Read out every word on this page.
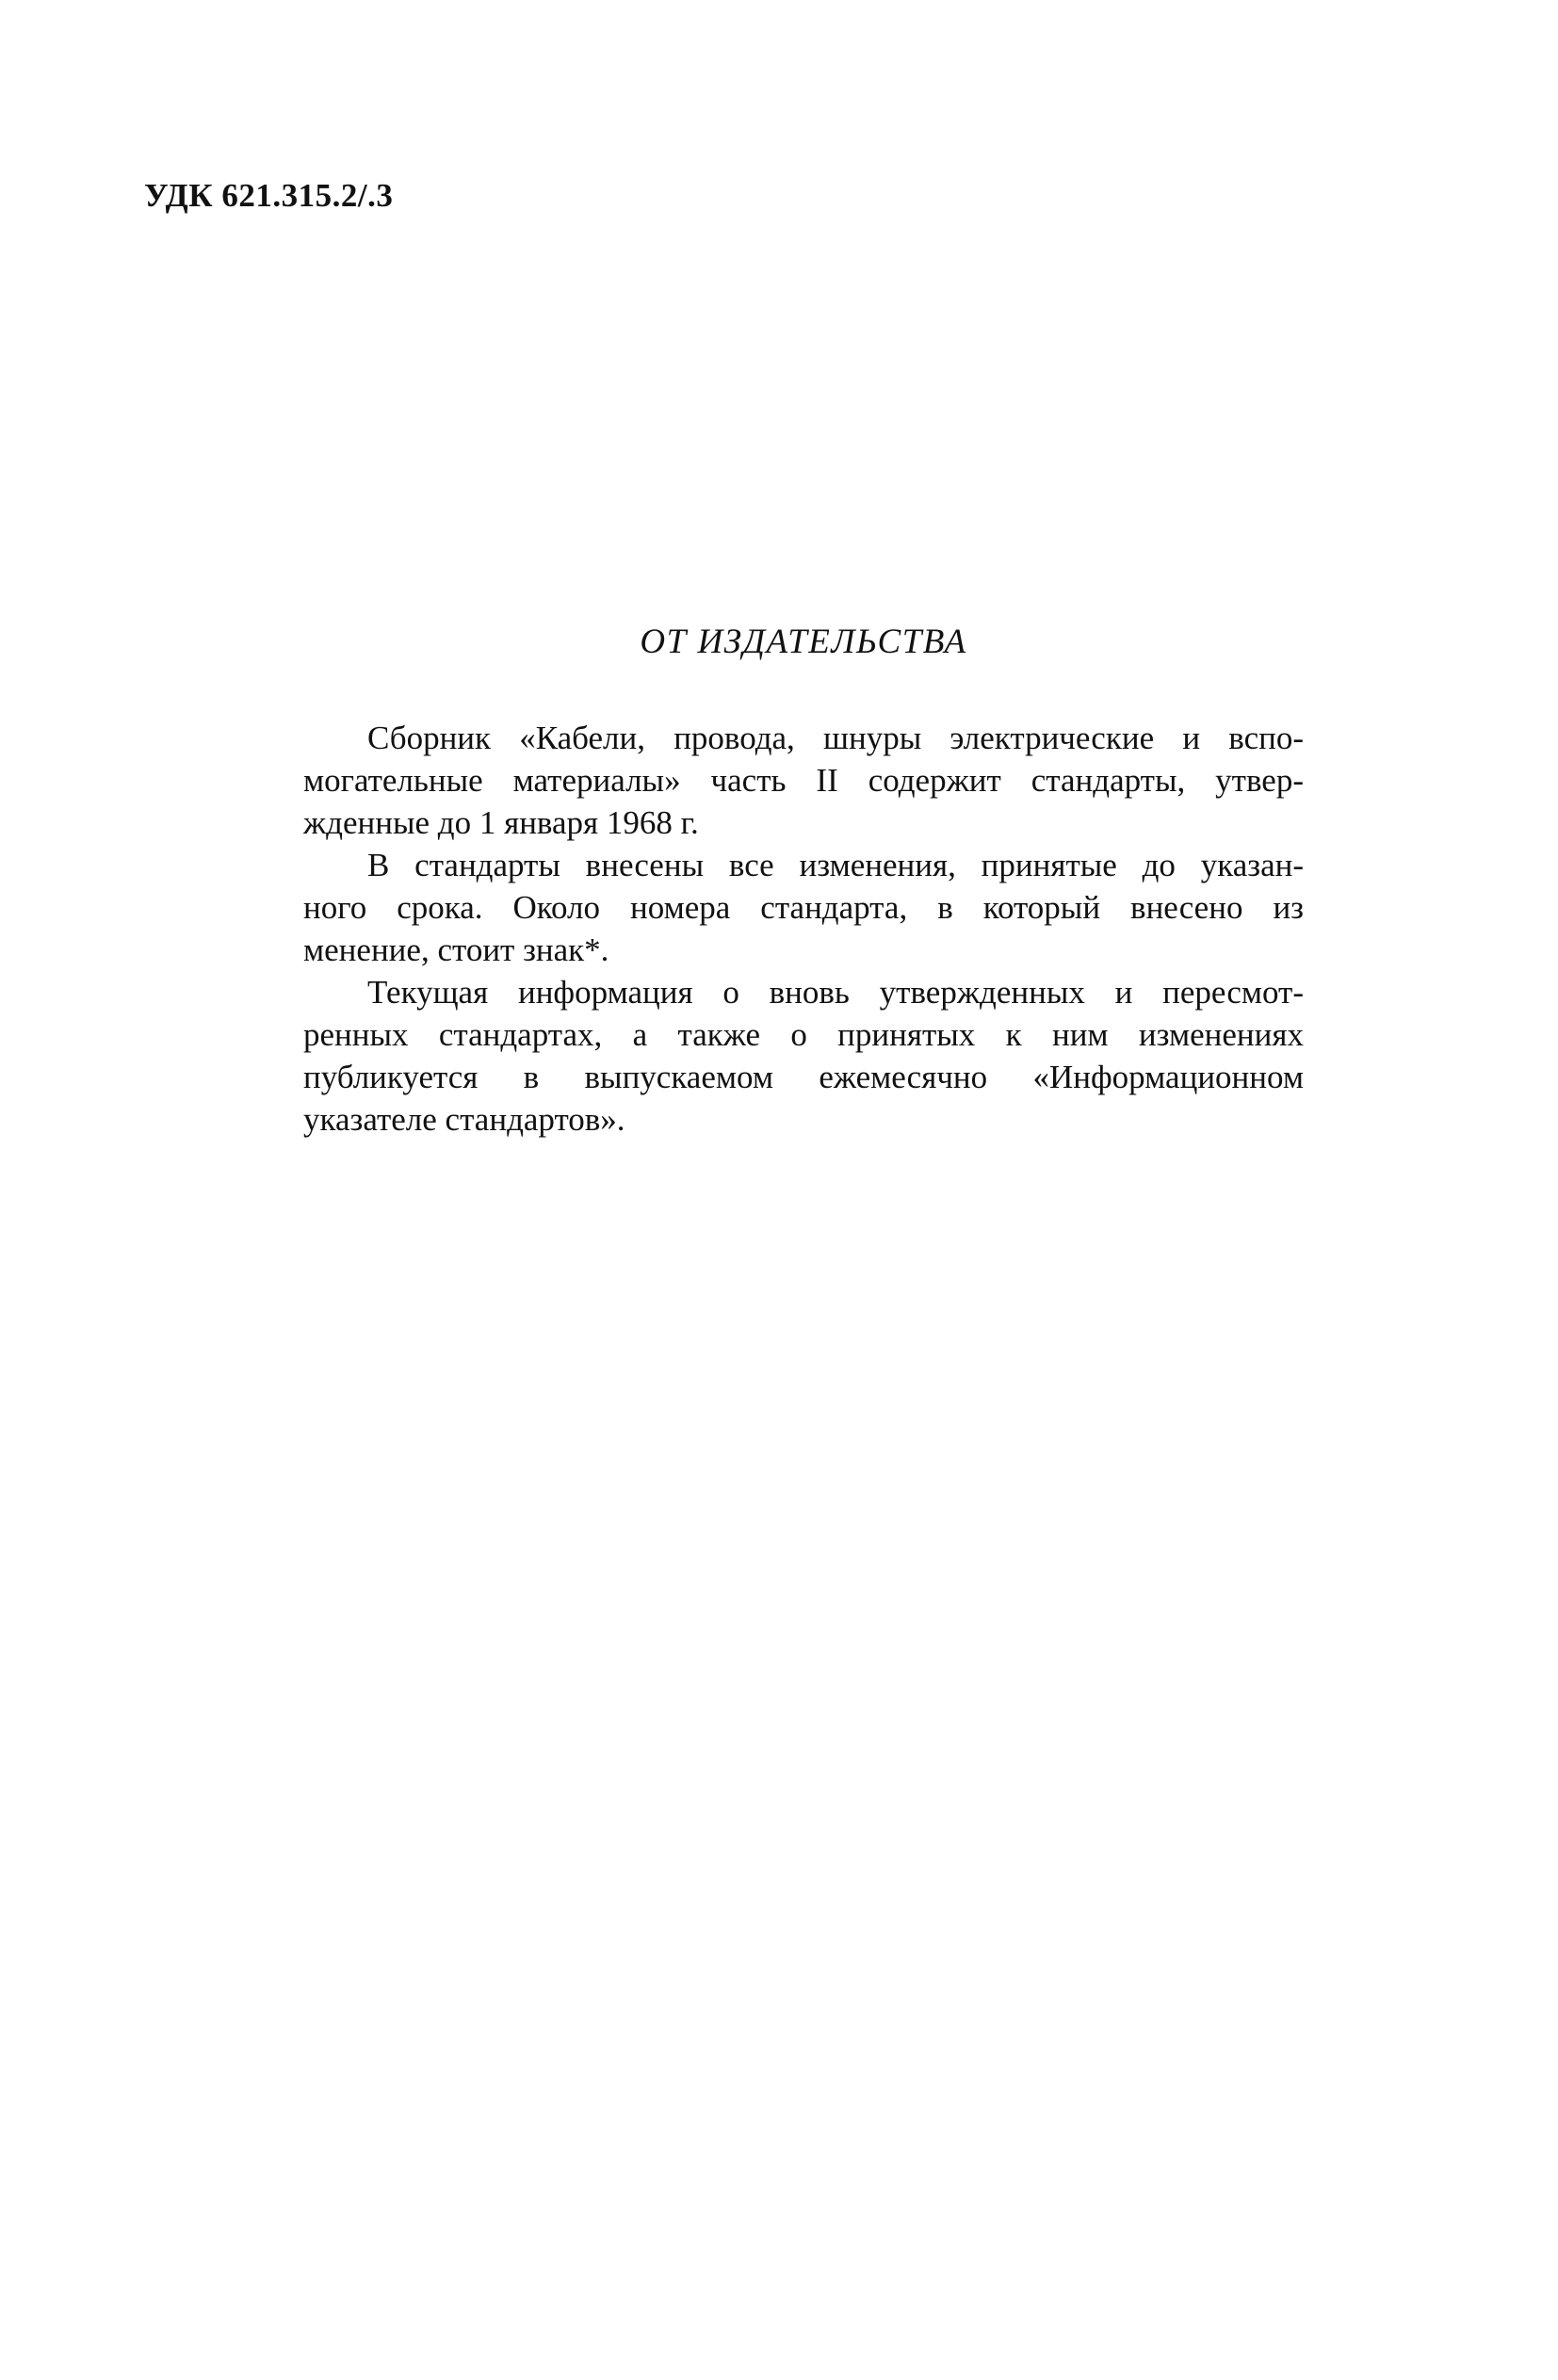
УДК 621.315.2/.3
ОТ ИЗДАТЕЛЬСТВА

Сборник «Кабели, провода, шнуры электрические и вспо-
могательные материалы» часть II содержит стандарты, утвер-
жденные до 1 января 1968 г.

В стандарты внесены все изменения, принятые до указан-
ного срока. Около номера стандарта, в который внесено из
менение, стоит знак*.

Текущая информация о вновь утвержденных и пересмот-
ренных стандартах, а также о принятых к ним изменениях
публикуется в выпускаемом ежемесячно «Информационном
указателе стандартов».
